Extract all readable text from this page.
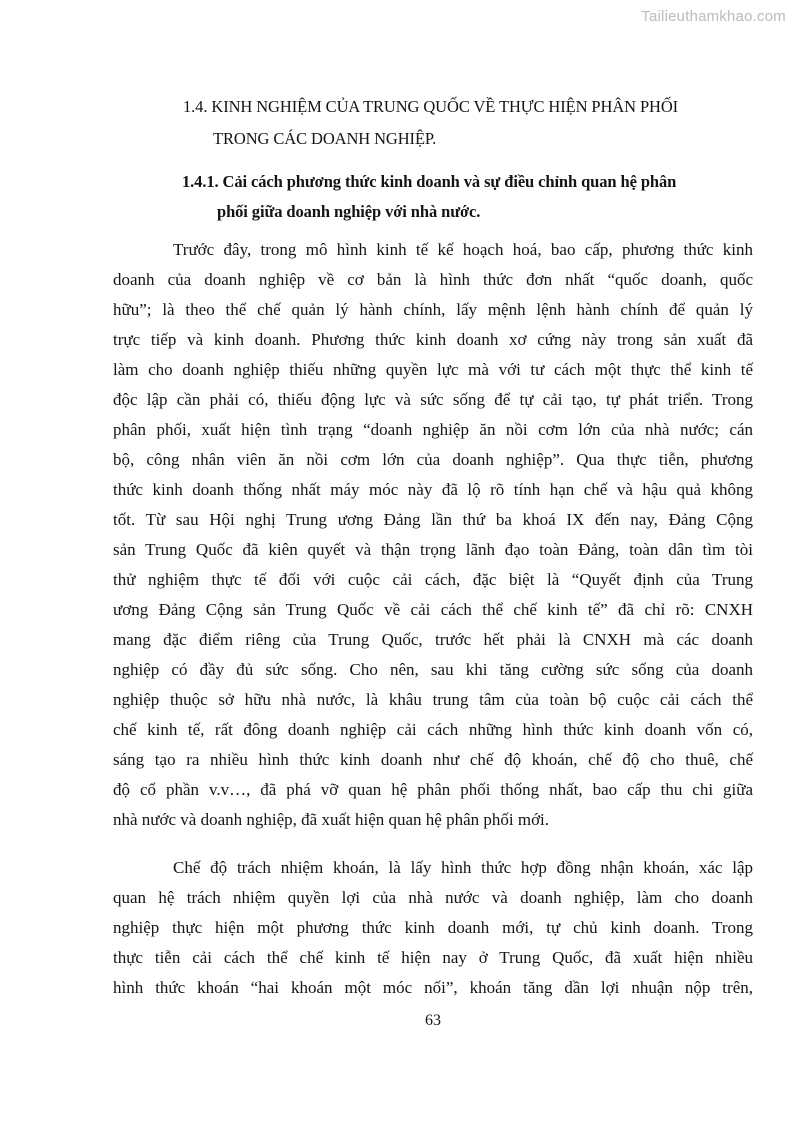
Tailieuthamkhao.com
1.4. KINH NGHIỆM CỦA TRUNG QUỐC VỀ THỰC HIỆN PHÂN PHỐI
TRONG CÁC DOANH NGHIỆP.
1.4.1. Cải cách phương thức kinh doanh và sự điều chỉnh quan hệ phân
phối giữa doanh nghiệp với nhà nước.
Trước đây, trong mô hình kinh tế kế hoạch hoá, bao cấp, phương thức kinh
doanh của doanh nghiệp về cơ bản là hình thức đơn nhất “quốc doanh, quốc
hữu”; là theo thể chế quản lý hành chính, lấy mệnh lệnh hành chính để quản lý
trực tiếp và kinh doanh. Phương thức kinh doanh xơ cứng này trong sản xuất đã
làm cho doanh nghiệp thiếu những quyền lực mà với tư cách một thực thể kinh tế
độc lập cần phải có, thiếu động lực và sức sống để tự cải tạo, tự phát triển. Trong
phân phối, xuất hiện tình trạng “doanh nghiệp ăn nồi cơm lớn của nhà nước; cán
bộ, công nhân viên ăn nồi cơm lớn của doanh nghiệp”. Qua thực tiễn, phương
thức kinh doanh thống nhất máy móc này đã lộ rõ tính hạn chế và hậu quả không
tốt. Từ sau Hội nghị Trung ương Đảng lần thứ ba khoá IX đến nay, Đảng Cộng
sản Trung Quốc đã kiên quyết và thận trọng lãnh đạo toàn Đảng, toàn dân tìm tòi
thử nghiệm thực tế đối với cuộc cải cách, đặc biệt là “Quyết định của Trung
ương Đảng Cộng sản Trung Quốc về cải cách thể chế kinh tế” đã chỉ rõ: CNXH
mang đặc điểm riêng của Trung Quốc, trước hết phải là CNXH mà các doanh
nghiệp có đầy đủ sức sống. Cho nên, sau khi tăng cường sức sống của doanh
nghiệp thuộc sở hữu nhà nước, là khâu trung tâm của toàn bộ cuộc cải cách thể
chế kinh tế, rất đông doanh nghiệp cải cách những hình thức kinh doanh vốn có,
sáng tạo ra nhiều hình thức kinh doanh như chế độ khoán, chế độ cho thuê, chế
độ cổ phần v.v…, đã phá vỡ quan hệ phân phối thống nhất, bao cấp thu chi giữa
nhà nước và doanh nghiệp, đã xuất hiện quan hệ phân phối mới.
Chế độ trách nhiệm khoán, là lấy hình thức hợp đồng nhận khoán, xác lập
quan hệ trách nhiệm quyền lợi của nhà nước và doanh nghiệp, làm cho doanh
nghiệp thực hiện một phương thức kinh doanh mới, tự chủ kinh doanh. Trong
thực tiễn cải cách thể chế kinh tế hiện nay ở Trung Quốc, đã xuất hiện nhiều
hình thức khoán “hai khoán một móc nối”, khoán tăng dần lợi nhuận nộp trên,
63
